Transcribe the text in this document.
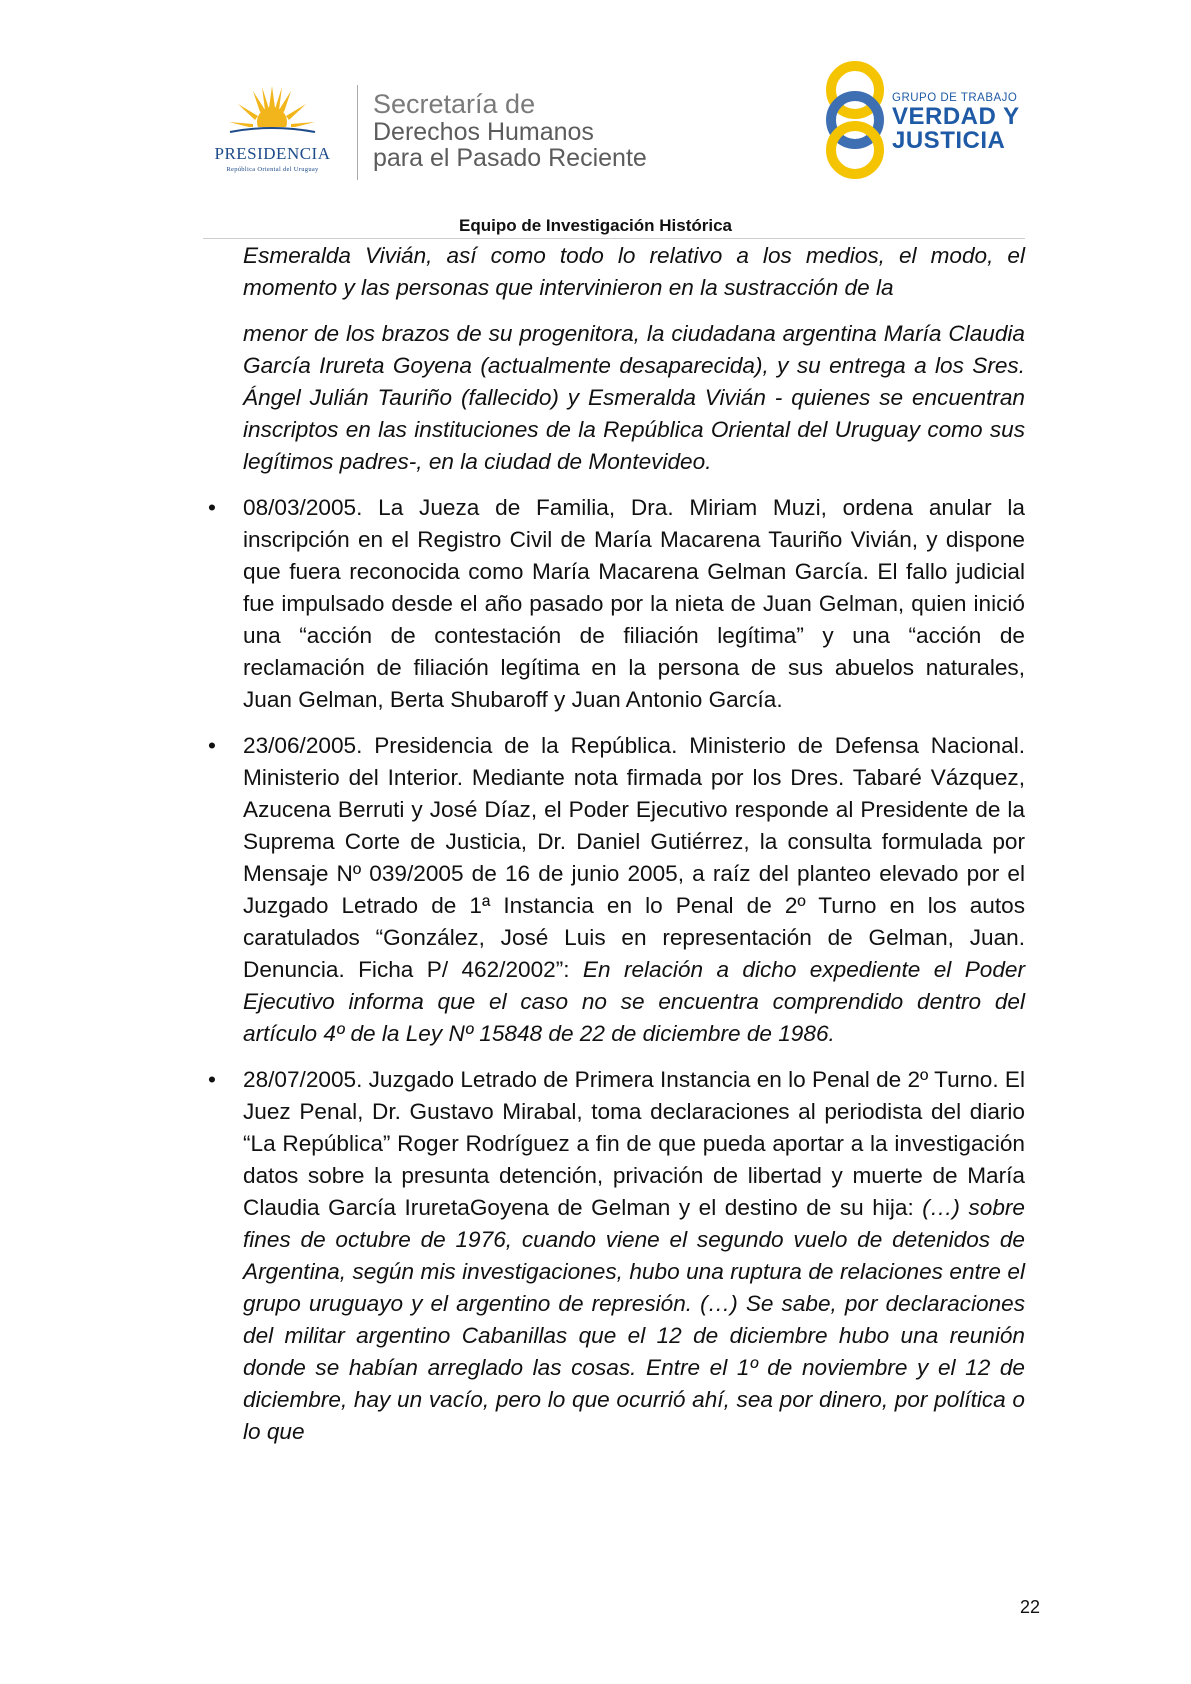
PRESIDENCIA
República Oriental del Uruguay
Secretaría de
Derechos Humanos
para el Pasado Reciente
GRUPO DE TRABAJO
VERDAD Y
JUSTICIA
Equipo de Investigación Histórica

Esmeralda Vivián, así como todo lo relativo a los medios, el modo, el momento y las personas que intervinieron en la sustracción de la

menor de los brazos de su progenitora, la ciudadana argentina María Claudia García Irureta Goyena (actualmente desaparecida), y su entrega a los Sres. Ángel Julián Tauriño (fallecido) y Esmeralda Vivián - quienes se encuentran inscriptos en las instituciones de la República Oriental del Uruguay como sus legítimos padres-, en la ciudad de Montevideo.

•	08/03/2005. La Jueza de Familia, Dra. Miriam Muzi, ordena anular la inscripción en el Registro Civil de María Macarena Tauriño Vivián, y dispone que fuera reconocida como María Macarena Gelman García. El fallo judicial fue impulsado desde el año pasado por la nieta de Juan Gelman, quien inició una “acción de contestación de filiación legítima” y una “acción de reclamación de filiación legítima en la persona de sus abuelos naturales, Juan Gelman, Berta Shubaroff y Juan Antonio García.
•	23/06/2005. Presidencia de la República. Ministerio de Defensa Nacional. Ministerio del Interior. Mediante nota firmada por los Dres. Tabaré Vázquez, Azucena Berruti y José Díaz, el Poder Ejecutivo responde al Presidente de la Suprema Corte de Justicia, Dr. Daniel Gutiérrez, la consulta formulada por Mensaje Nº 039/2005 de 16 de junio 2005, a raíz del planteo elevado por el Juzgado Letrado de 1ª Instancia en lo Penal de 2º Turno en los autos caratulados “González, José Luis en representación de Gelman, Juan. Denuncia. Ficha P/ 462/2002”: En relación a dicho expediente el Poder Ejecutivo informa que el caso no se encuentra comprendido dentro del artículo 4º de la Ley Nº 15848 de 22 de diciembre de 1986.
•	28/07/2005. Juzgado Letrado de Primera Instancia en lo Penal de 2º Turno. El Juez Penal, Dr. Gustavo Mirabal, toma declaraciones al periodista del diario “La República” Roger Rodríguez a fin de que pueda aportar a la investigación datos sobre la presunta detención, privación de libertad y muerte de María Claudia García IruretaGoyena de Gelman y el destino de su hija: (…) sobre fines de octubre de 1976, cuando viene el segundo vuelo de detenidos de Argentina, según mis investigaciones, hubo una ruptura de relaciones entre el grupo uruguayo y el argentino de represión. (…) Se sabe, por declaraciones del militar argentino Cabanillas que el 12 de diciembre hubo una reunión donde se habían arreglado las cosas. Entre el 1º de noviembre y el 12 de diciembre, hay un vacío, pero lo que ocurrió ahí, sea por dinero, por política o lo que
22
